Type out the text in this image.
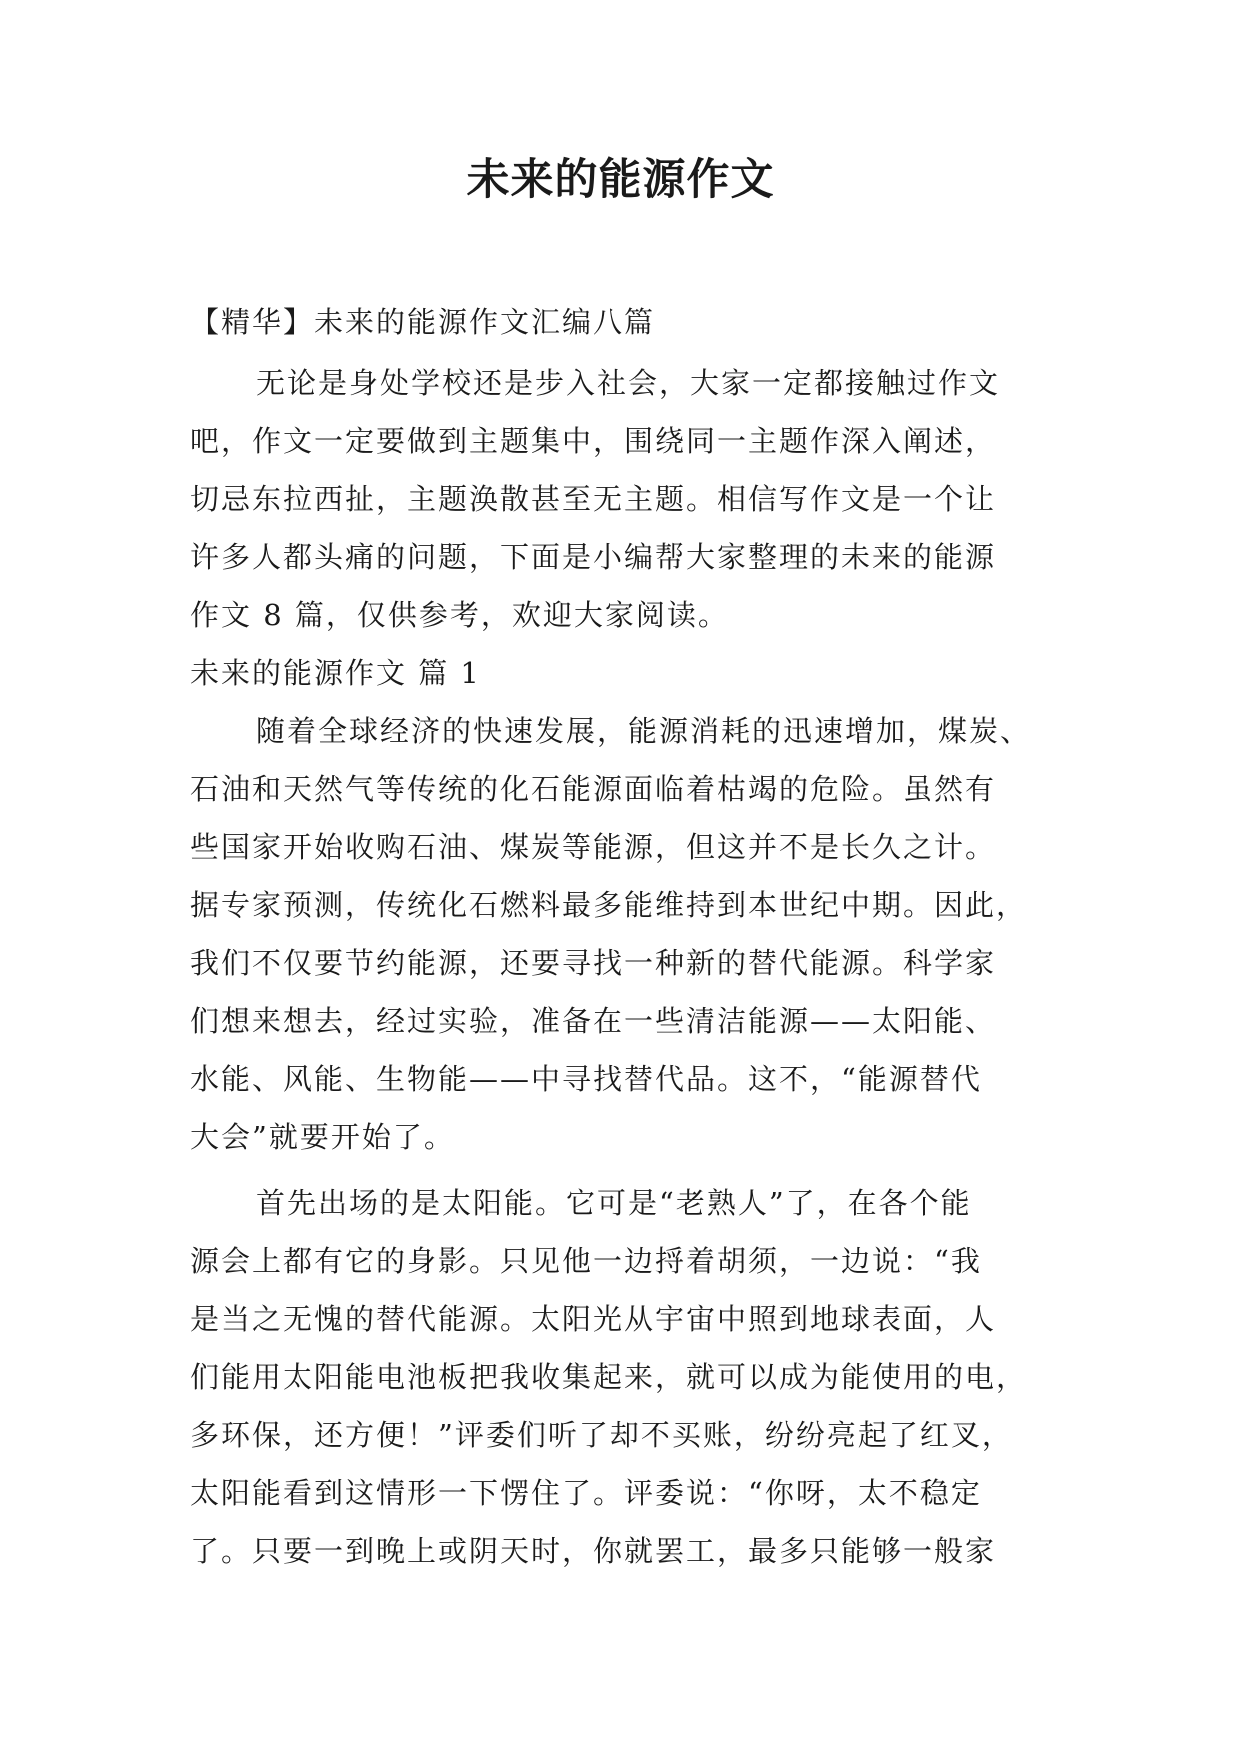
未来的能源作文
【精华】未来的能源作文汇编八篇
无论是身处学校还是步入社会，大家一定都接触过作文
吧，作文一定要做到主题集中，围绕同一主题作深入阐述，
切忌东拉西扯，主题涣散甚至无主题。相信写作文是一个让
许多人都头痛的问题，下面是小编帮大家整理的未来的能源
作文 8 篇，仅供参考，欢迎大家阅读。
未来的能源作文 篇 1
随着全球经济的快速发展，能源消耗的迅速增加，煤炭、
石油和天然气等传统的化石能源面临着枯竭的危险。虽然有
些国家开始收购石油、煤炭等能源，但这并不是长久之计。
据专家预测，传统化石燃料最多能维持到本世纪中期。因此，
我们不仅要节约能源，还要寻找一种新的替代能源。科学家
们想来想去，经过实验，准备在一些清洁能源——太阳能、
水能、风能、生物能——中寻找替代品。这不，“能源替代
大会”就要开始了。
首先出场的是太阳能。它可是“老熟人”了，在各个能
源会上都有它的身影。只见他一边捋着胡须，一边说：“我
是当之无愧的替代能源。太阳光从宇宙中照到地球表面，人
们能用太阳能电池板把我收集起来，就可以成为能使用的电，
多环保，还方便！”评委们听了却不买账，纷纷亮起了红叉，
太阳能看到这情形一下愣住了。评委说：“你呀，太不稳定
了。只要一到晚上或阴天时，你就罢工，最多只能够一般家
